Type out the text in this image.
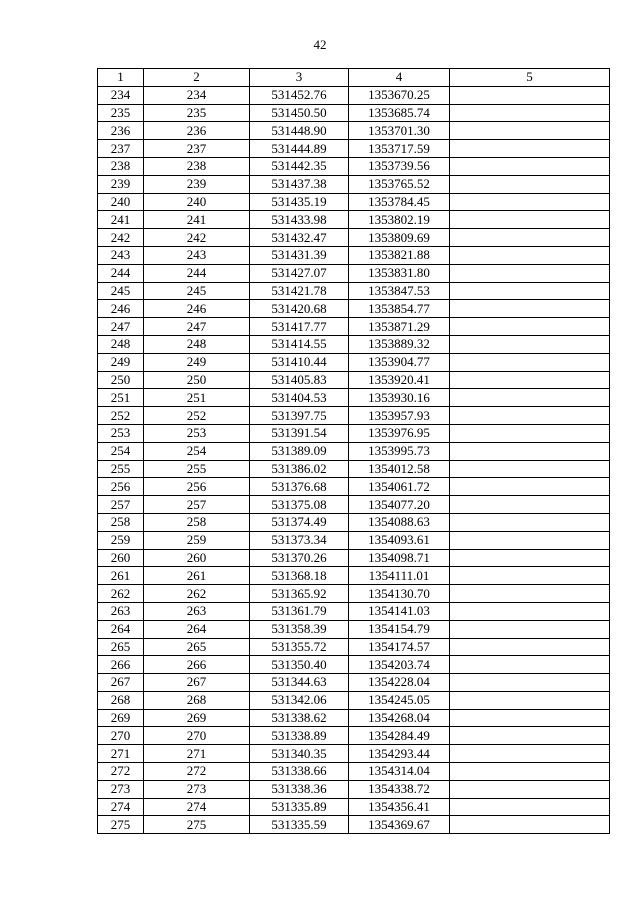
42
1	2	3	4	5
234	234	531452.76	1353670.25	
235	235	531450.50	1353685.74	
236	236	531448.90	1353701.30	
237	237	531444.89	1353717.59	
238	238	531442.35	1353739.56	
239	239	531437.38	1353765.52	
240	240	531435.19	1353784.45	
241	241	531433.98	1353802.19	
242	242	531432.47	1353809.69	
243	243	531431.39	1353821.88	
244	244	531427.07	1353831.80	
245	245	531421.78	1353847.53	
246	246	531420.68	1353854.77	
247	247	531417.77	1353871.29	
248	248	531414.55	1353889.32	
249	249	531410.44	1353904.77	
250	250	531405.83	1353920.41	
251	251	531404.53	1353930.16	
252	252	531397.75	1353957.93	
253	253	531391.54	1353976.95	
254	254	531389.09	1353995.73	
255	255	531386.02	1354012.58	
256	256	531376.68	1354061.72	
257	257	531375.08	1354077.20	
258	258	531374.49	1354088.63	
259	259	531373.34	1354093.61	
260	260	531370.26	1354098.71	
261	261	531368.18	1354111.01	
262	262	531365.92	1354130.70	
263	263	531361.79	1354141.03	
264	264	531358.39	1354154.79	
265	265	531355.72	1354174.57	
266	266	531350.40	1354203.74	
267	267	531344.63	1354228.04	
268	268	531342.06	1354245.05	
269	269	531338.62	1354268.04	
270	270	531338.89	1354284.49	
271	271	531340.35	1354293.44	
272	272	531338.66	1354314.04	
273	273	531338.36	1354338.72	
274	274	531335.89	1354356.41	
275	275	531335.59	1354369.67	
